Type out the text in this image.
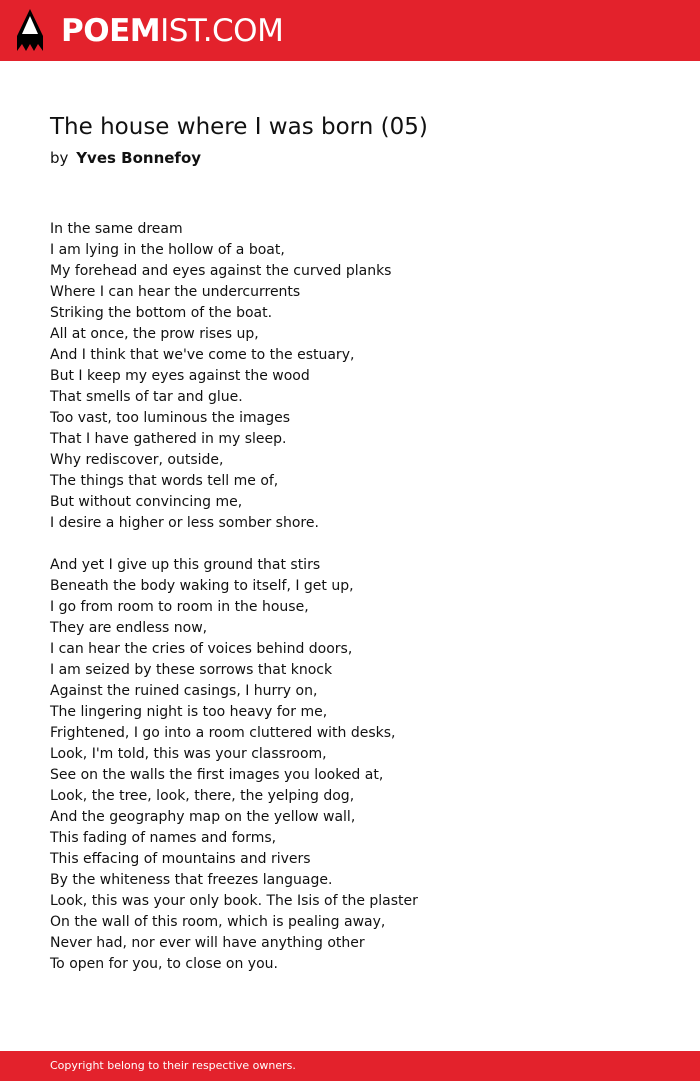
POEMIST.COM
The house where I was born (05)
by Yves Bonnefoy
In the same dream
I am lying in the hollow of a boat,
My forehead and eyes against the curved planks
Where I can hear the undercurrents
Striking the bottom of the boat.
All at once, the prow rises up,
And I think that we've come to the estuary,
But I keep my eyes against the wood
That smells of tar and glue.
Too vast, too luminous the images
That I have gathered in my sleep.
Why rediscover, outside,
The things that words tell me of,
But without convincing me,
I desire a higher or less somber shore.
And yet I give up this ground that stirs
Beneath the body waking to itself, I get up,
I go from room to room in the house,
They are endless now,
I can hear the cries of voices behind doors,
I am seized by these sorrows that knock
Against the ruined casings, I hurry on,
The lingering night is too heavy for me,
Frightened, I go into a room cluttered with desks,
Look, I'm told, this was your classroom,
See on the walls the first images you looked at,
Look, the tree, look, there, the yelping dog,
And the geography map on the yellow wall,
This fading of names and forms,
This effacing of mountains and rivers
By the whiteness that freezes language.
Look, this was your only book. The Isis of the plaster
On the wall of this room, which is pealing away,
Never had, nor ever will have anything other
To open for you, to close on you.
Copyright belong to their respective owners.
